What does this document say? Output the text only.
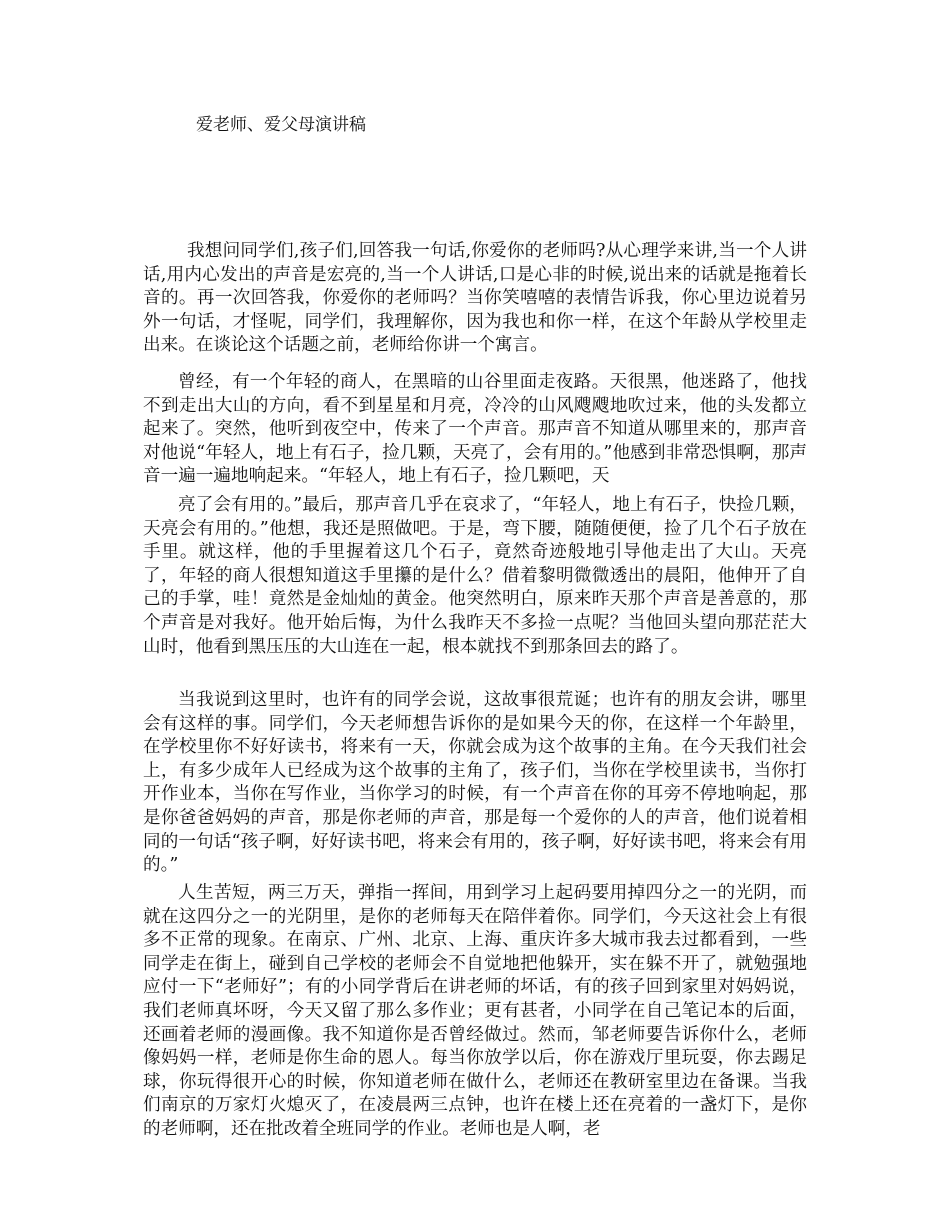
爱老师、爱父母演讲稿

我想问同学们,孩子们,回答我一句话,你爱你的老师吗?从心理学来讲,当一个人讲话,用内心发出的声音是宏亮的,当一个人讲话,口是心非的时候,说出来的话就是拖着长音的。再一次回答我，你爱你的老师吗？当你笑嘻嘻的表情告诉我，你心里边说着另外一句话，才怪呢，同学们，我理解你，因为我也和你一样，在这个年龄从学校里走出来。在谈论这个话题之前，老师给你讲一个寓言。

曾经，有一个年轻的商人，在黑暗的山谷里面走夜路。天很黑，他迷路了，他找不到走出大山的方向，看不到星星和月亮，冷冷的山风飕飕地吹过来，他的头发都立起来了。突然，他听到夜空中，传来了一个声音。那声音不知道从哪里来的，那声音对他说“年轻人，地上有石子，捡几颗，天亮了，会有用的。”他感到非常恐惧啊，那声音一遍一遍地响起来。“年轻人，地上有石子，捡几颗吧，天

亮了会有用的。”最后，那声音几乎在哀求了，“年轻人，地上有石子，快捡几颗，天亮会有用的。”他想，我还是照做吧。于是，弯下腰，随随便便，捡了几个石子放在手里。就这样，他的手里握着这几个石子，竟然奇迹般地引导他走出了大山。天亮了，年轻的商人很想知道这手里攥的是什么？借着黎明微微透出的晨阳，他伸开了自己的手掌，哇！竟然是金灿灿的黄金。他突然明白，原来昨天那个声音是善意的，那个声音是对我好。他开始后悔，为什么我昨天不多捡一点呢？当他回头望向那茫茫大山时，他看到黑压压的大山连在一起，根本就找不到那条回去的路了。

当我说到这里时，也许有的同学会说，这故事很荒诞；也许有的朋友会讲，哪里会有这样的事。同学们，今天老师想告诉你的是如果今天的你，在这样一个年龄里，在学校里你不好好读书，将来有一天，你就会成为这个故事的主角。在今天我们社会上，有多少成年人已经成为这个故事的主角了，孩子们，当你在学校里读书，当你打开作业本，当你在写作业，当你学习的时候，有一个声音在你的耳旁不停地响起，那是你爸爸妈妈的声音，那是你老师的声音，那是每一个爱你的人的声音，他们说着相同的一句话“孩子啊，好好读书吧，将来会有用的，孩子啊，好好读书吧，将来会有用的。”

人生苦短，两三万天，弹指一挥间，用到学习上起码要用掉四分之一的光阴，而就在这四分之一的光阴里，是你的老师每天在陪伴着你。同学们，今天这社会上有很多不正常的现象。在南京、广州、北京、上海、重庆许多大城市我去过都看到，一些同学走在街上，碰到自己学校的老师会不自觉地把他躲开，实在躲不开了，就勉强地应付一下“老师好”；有的小同学背后在讲老师的坏话，有的孩子回到家里对妈妈说，我们老师真坏呀，今天又留了那么多作业；更有甚者，小同学在自己笔记本的后面，还画着老师的漫画像。我不知道你是否曾经做过。然而，邹老师要告诉你什么，老师像妈妈一样，老师是你生命的恩人。每当你放学以后，你在游戏厅里玩耍，你去踢足球，你玩得很开心的时候，你知道老师在做什么，老师还在教研室里边在备课。当我们南京的万家灯火熄灭了，在凌晨两三点钟，也许在楼上还在亮着的一盏灯下，是你的老师啊，还在批改着全班同学的作业。老师也是人啊，老
